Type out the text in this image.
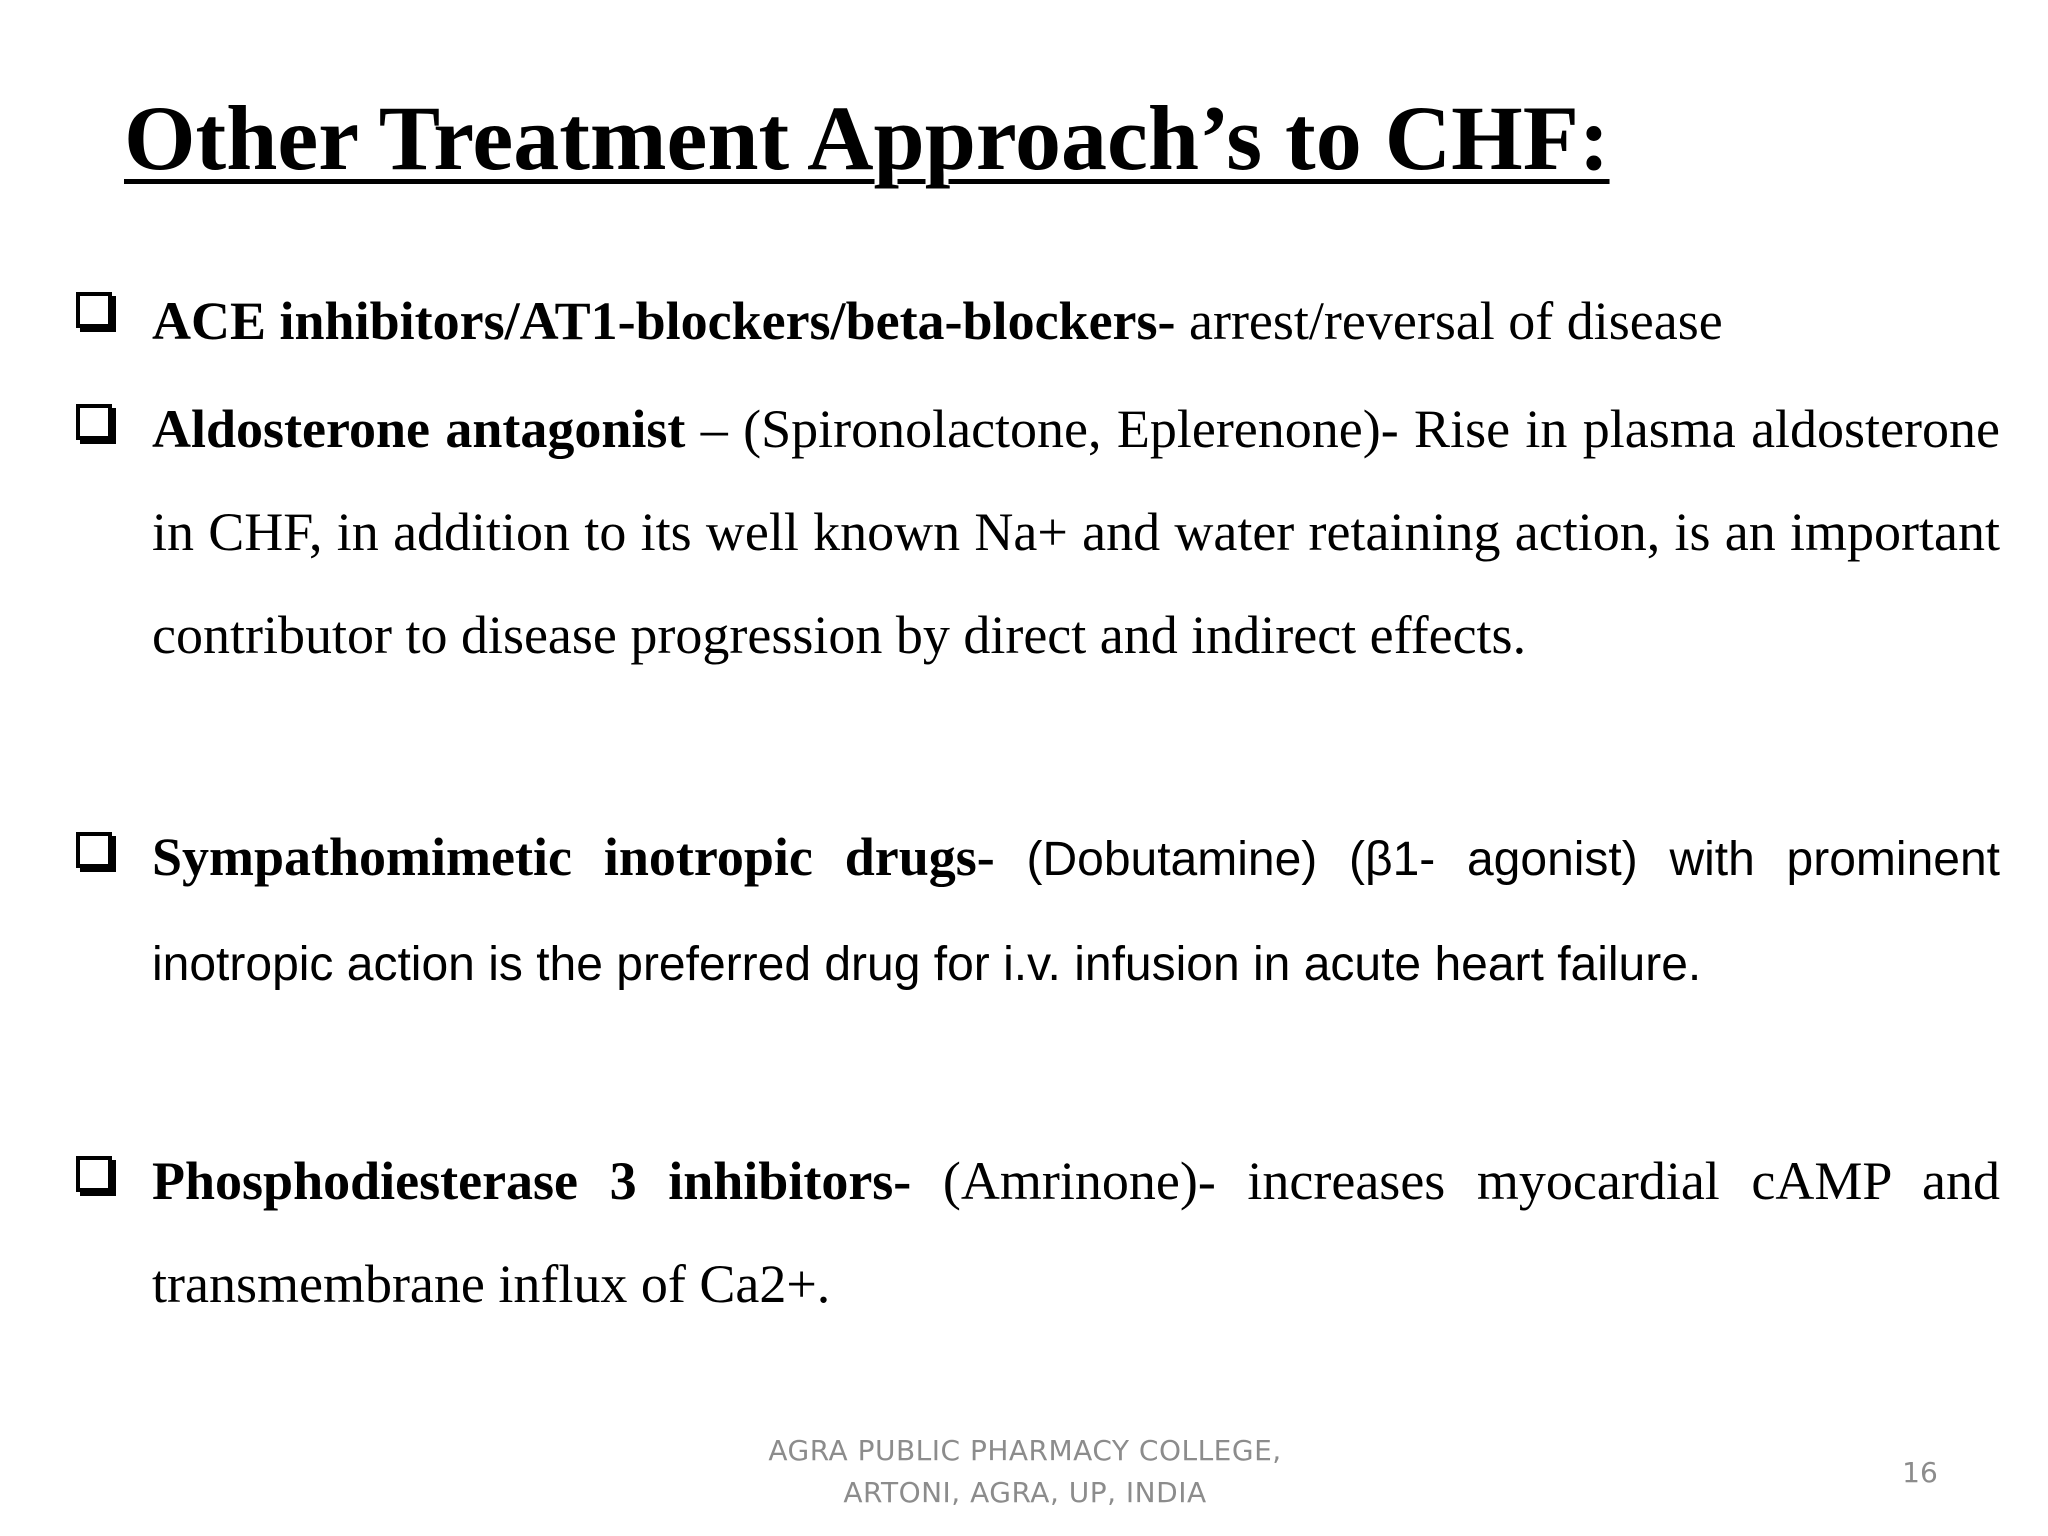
Other Treatment Approach’s to CHF:

ACE inhibitors/AT1-blockers/beta-blockers- arrest/reversal of disease

Aldosterone antagonist – (Spironolactone, Eplerenone)- Rise in plasma aldosterone in CHF, in addition to its well known Na+ and water retaining action, is an important contributor to disease progression by direct and indirect effects.

Sympathomimetic inotropic drugs- (Dobutamine) (β1- agonist) with prominent inotropic action is the preferred drug for i.v. infusion in acute heart failure.

Phosphodiesterase 3 inhibitors- (Amrinone)- increases myocardial cAMP and transmembrane influx of Ca2+.

AGRA PUBLIC PHARMACY COLLEGE,
ARTONI, AGRA, UP, INDIA
16
